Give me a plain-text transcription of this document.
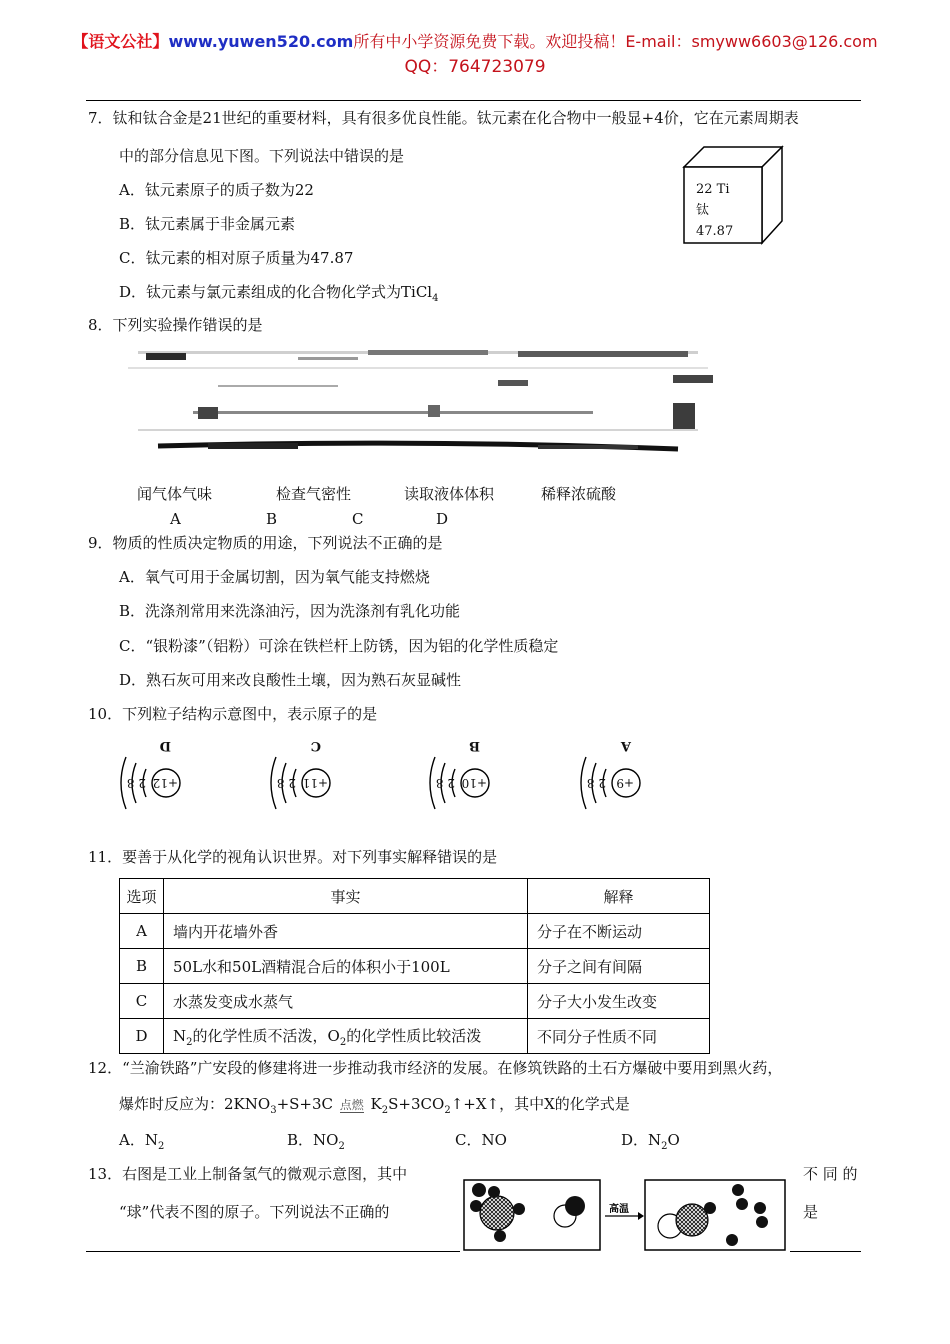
【语文公社】www.yuwen520.com所有中小学资源免费下载。欢迎投稿！E-mail：smyww6603@126.com
QQ：764723079
7．钛和钛合金是21世纪的重要材料，具有很多优良性能。钛元素在化合物中一般显+4价，它在元素周期表
中的部分信息见下图。下列说法中错误的是
A．钛元素原子的质子数为22
B．钛元素属于非金属元素
C．钛元素的相对原子质量为47.87
D．钛元素与氯元素组成的化合物化学式为TiCl$_4$
22 Ti
钛
47.87
8．下列实验操作错误的是
闻气体气味	检查气密性	读取液体体积	稀释浓硫酸
A	B	C	D
9．物质的性质决定物质的用途，下列说法不正确的是
A．氧气可用于金属切割，因为氧气能支持燃烧
B．洗涤剂常用来洗涤油污，因为洗涤剂有乳化功能
C．“银粉漆”（铝粉）可涂在铁栏杆上防锈，因为铝的化学性质稳定
D．熟石灰可用来改良酸性土壤，因为熟石灰显碱性
10．下列粒子结构示意图中，表示原子的是
+12
2 8
D
+11
2 8
C
+10
2 8
B
+9
2 8
A
11．要善于从化学的视角认识世界。对下列事实解释错误的是
选项	事实	解释
A	墙内开花墙外香	分子在不断运动
B	50L水和50L酒精混合后的体积小于100L	分子之间有间隔
C	水蒸发变成水蒸气	分子大小发生改变
D	$N_2$的化学性质不活泼，$O_2$的化学性质比较活泼	不同分子性质不同
12．“兰渝铁路”广安段的修建将进一步推动我市经济的发展。在修筑铁路的土石方爆破中要用到黑火药，
爆炸时反应为：$2KNO_3+S+3C$ 点燃 $K_2S+3CO_2↑+X↑$，其中X的化学式是
A．$N_2$	B．$NO_2$	C．NO	D．$N_2O$
13．右图是工业上制备氢气的微观示意图，其中	不 同 的
“球”代表不图的原子。下列说法不正确的	是
高温
